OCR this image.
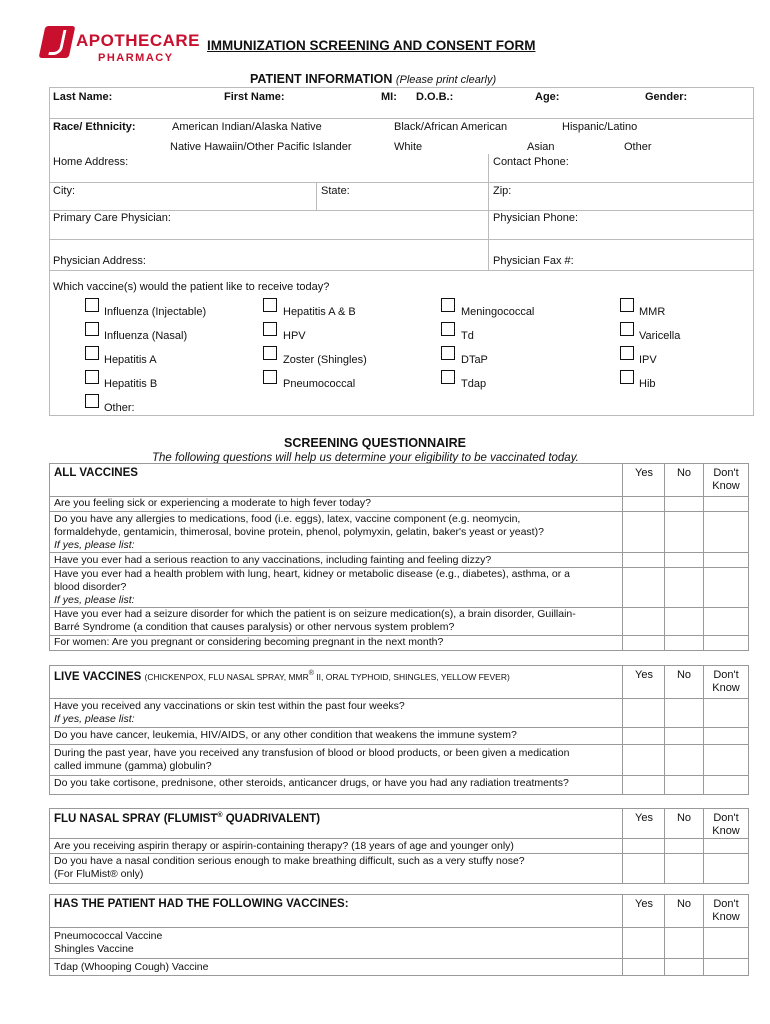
APOTHECARE
PHARMACY
IMMUNIZATION SCREENING AND CONSENT FORM
PATIENT INFORMATION (Please print clearly)
Last Name:	First Name:	MI: D.O.B.:	Age:	Gender:
Race/ Ethnicity:	American Indian/Alaska Native	Black/African American	Hispanic/Latino
Native Hawaiin/Other Pacific Islander	White	Asian	Other
Home Address:	Contact Phone:
City:	State:	Zip:
Primary Care Physician:	Physician Phone:
Physician Address:	Physician Fax #:
Which vaccine(s) would the patient like to receive today?
Influenza (Injectable)	Hepatitis A & B	Meningococcal	MMR
Influenza (Nasal)	HPV	Td	Varicella
Hepatitis A	Zoster (Shingles)	DTaP	IPV
Hepatitis B	Pneumococcal	Tdap	Hib
Other:
SCREENING QUESTIONNAIRE
The following questions will help us determine your eligibility to be vaccinated today.
ALL VACCINES	Yes	No	Don't
Know
Are you feeling sick or experiencing a moderate to high fever today?
Do you have any allergies to medications, food (i.e. eggs), latex, vaccine component (e.g. neomycin,
formaldehyde, gentamicin, thimerosal, bovine protein, phenol, polymyxin, gelatin, baker's yeast or yeast)?
If yes, please list:
Have you ever had a serious reaction to any vaccinations, including fainting and feeling dizzy?
Have you ever had a health problem with lung, heart, kidney or metabolic disease (e.g., diabetes), asthma, or a
blood disorder?
If yes, please list:
Have you ever had a seizure disorder for which the patient is on seizure medication(s), a brain disorder, Guillain-
Barré Syndrome (a condition that causes paralysis) or other nervous system problem?
For women: Are you pregnant or considering becoming pregnant in the next month?
LIVE VACCINES (CHICKENPOX, FLU NASAL SPRAY, MMR® II, ORAL TYPHOID, SHINGLES, YELLOW FEVER)	Yes	No	Don't
Know
Have you received any vaccinations or skin test within the past four weeks?
If yes, please list:
Do you have cancer, leukemia, HIV/AIDS, or any other condition that weakens the immune system?
During the past year, have you received any transfusion of blood or blood products, or been given a medication
called immune (gamma) globulin?
Do you take cortisone, prednisone, other steroids, anticancer drugs, or have you had any radiation treatments?
FLU NASAL SPRAY (FLUMIST® QUADRIVALENT)	Yes	No	Don't
Know
Are you receiving aspirin therapy or aspirin-containing therapy? (18 years of age and younger only)
Do you have a nasal condition serious enough to make breathing difficult, such as a very stuffy nose?
(For FluMist® only)
HAS THE PATIENT HAD THE FOLLOWING VACCINES:	Yes	No	Don't
Know
Pneumococcal Vaccine
Shingles Vaccine
Tdap (Whooping Cough) Vaccine
